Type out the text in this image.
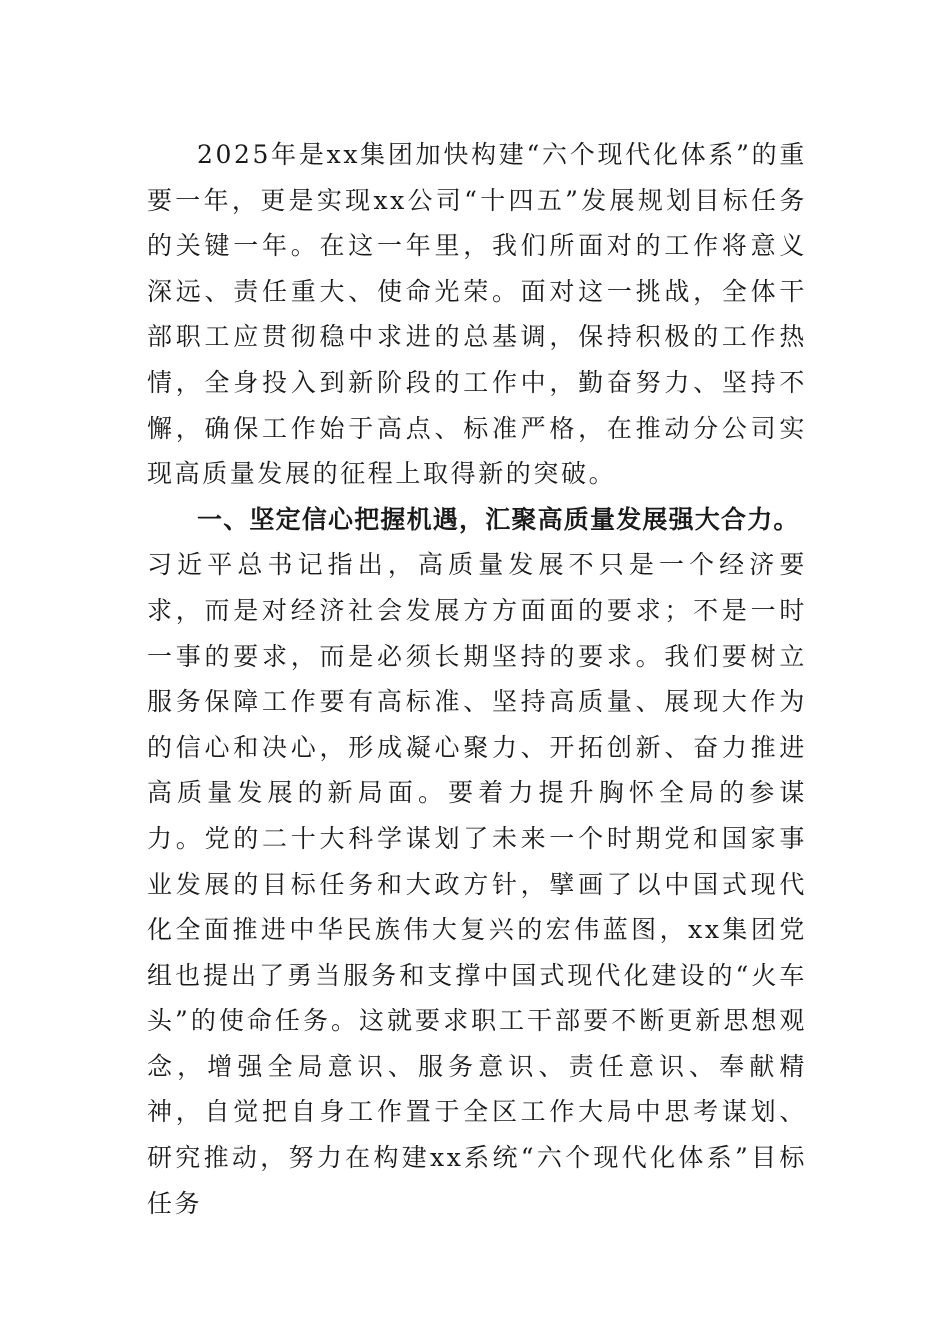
2025年是xx集团加快构建“六个现代化体系”的重要一年，更是实现xx公司“十四五”发展规划目标任务的关键一年。在这一年里，我们所面对的工作将意义深远、责任重大、使命光荣。面对这一挑战，全体干部职工应贯彻稳中求进的总基调，保持积极的工作热情，全身投入到新阶段的工作中，勤奋努力、坚持不懈，确保工作始于高点、标准严格，在推动分公司实现高质量发展的征程上取得新的突破。

一、坚定信心把握机遇，汇聚高质量发展强大合力。

习近平总书记指出，高质量发展不只是一个经济要求，而是对经济社会发展方方面面的要求；不是一时一事的要求，而是必须长期坚持的要求。我们要树立服务保障工作要有高标准、坚持高质量、展现大作为的信心和决心，形成凝心聚力、开拓创新、奋力推进高质量发展的新局面。要着力提升胸怀全局的参谋力。党的二十大科学谋划了未来一个时期党和国家事业发展的目标任务和大政方针，擘画了以中国式现代化全面推进中华民族伟大复兴的宏伟蓝图，xx集团党组也提出了勇当服务和支撑中国式现代化建设的“火车头”的使命任务。这就要求职工干部要不断更新思想观念，增强全局意识、服务意识、责任意识、奉献精神，自觉把自身工作置于全区工作大局中思考谋划、研究推动，努力在构建xx系统“六个现代化体系”目标任务
